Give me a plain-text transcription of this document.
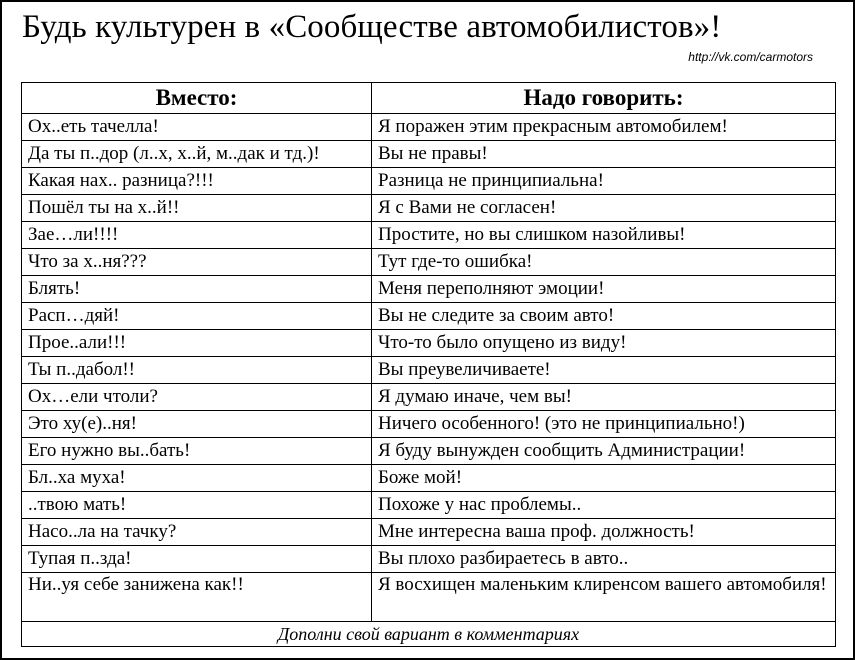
Будь культурен в «Сообществе автомобилистов»!
http://vk.com/carmotors
Вместо:	Надо говорить:
Ох..еть тачелла!	Я поражен этим прекрасным автомобилем!
Да ты п..дор (л..х, х..й, м..дак и тд.)!	Вы не правы!
Какая нах.. разница?!!!	Разница не принципиальна!
Пошёл ты на х..й!!	Я с Вами не согласен!
Зае…ли!!!!	Простите, но вы слишком назойливы!
Что за х..ня???	Тут где-то ошибка!
Блять!	Меня переполняют эмоции!
Расп…дяй!	Вы не следите за своим авто!
Прое..али!!!	Что-то было опущено из виду!
Ты п..дабол!!	Вы преувеличиваете!
Ох…ели чтоли?	Я думаю иначе, чем вы!
Это ху(е)..ня!	Ничего особенного! (это не принципиально!)
Его нужно вы..бать!	Я буду вынужден сообщить Администрации!
Бл..ха муха!	Боже мой!
..твою мать!	Похоже у нас проблемы..
Насо..ла на тачку?	Мне интересна ваша проф. должность!
Тупая п..зда!	Вы плохо разбираетесь в авто..
Ни..уя себе занижена как!!	Я восхищен маленьким клиренсом вашего автомобиля!
Дополни свой вариант в комментариях	
